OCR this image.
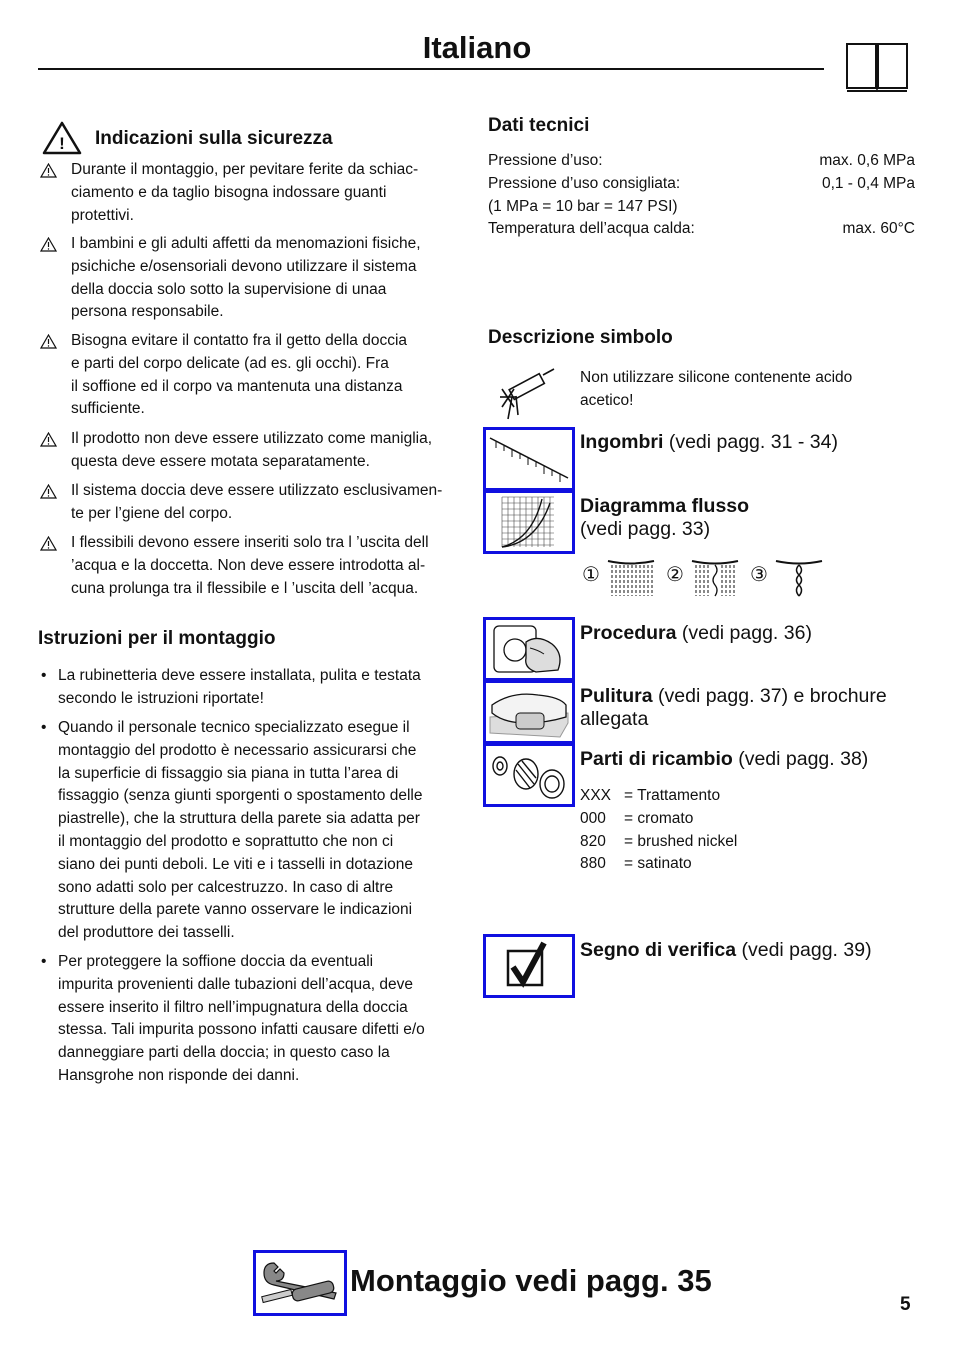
Italiano
! Indicazioni sulla sicurezza
Durante il montaggio, per pevitare ferite da schiac-
ciamento e da taglio bisogna indossare guanti
protettivi.
I bambini e gli adulti affetti da menomazioni fisiche,
psichiche e/osensoriali devono utilizzare il sistema
della doccia solo sotto la supervisione di unaa
persona responsabile.
Bisogna evitare il contatto fra il getto della doccia
e parti del corpo delicate (ad es. gli occhi). Fra
il soffione ed il corpo va mantenuta una distanza
sufficiente.
Il prodotto non deve essere utilizzato come maniglia,
questa deve essere motata separatamente.
Il sistema doccia deve essere utilizzato esclusivamen-
te per l’giene del corpo.
I flessibili devono essere inseriti solo tra l ’uscita dell
’acqua e la doccetta. Non deve essere introdotta al-
cuna prolunga tra il flessibile e l ’uscita dell ’acqua.
Istruzioni per il montaggio
• La rubinetteria deve essere installata, pulita e testata
secondo le istruzioni riportate!
• Quando il personale tecnico specializzato esegue il
montaggio del prodotto è necessario assicurarsi che
la superficie di fissaggio sia piana in tutta l’area di
fissaggio (senza giunti sporgenti o spostamento delle
piastrelle), che la struttura della parete sia adatta per
il montaggio del prodotto e soprattutto che non ci
siano dei punti deboli. Le viti e i tasselli in dotazione
sono adatti solo per calcestruzzo. In caso di altre
strutture della parete vanno osservare le indicazioni
del produttore dei tasselli.
• Per proteggere la soffione doccia da eventuali
impurita provenienti dalle tubazioni dell’acqua, deve
essere inserito il filtro nell’impugnatura della doccia
stessa. Tali impurita possono infatti causare difetti e/o
danneggiare parti della doccia; in questo caso la
Hansgrohe non risponde dei danni.
Dati tecnici
Pressione d’uso:	max. 0,6 MPa
Pressione d’uso consigliata:	0,1 - 0,4 MPa
(1 MPa = 10 bar = 147 PSI)
Temperatura dell’acqua calda:	max. 60°C
Descrizione simbolo
Non utilizzare silicone contenente acido
acetico!
Ingombri (vedi pagg. 31 - 34)
Diagramma flusso
(vedi pagg. 33)
①	②	③
Procedura (vedi pagg. 36)
Pulitura (vedi pagg. 37) e brochure
allegata
Parti di ricambio (vedi pagg. 38)
XXX = Trattamento
000 = cromato
820 = brushed nickel
880 = satinato
Segno di verifica (vedi pagg. 39)
Montaggio vedi pagg. 35
5
